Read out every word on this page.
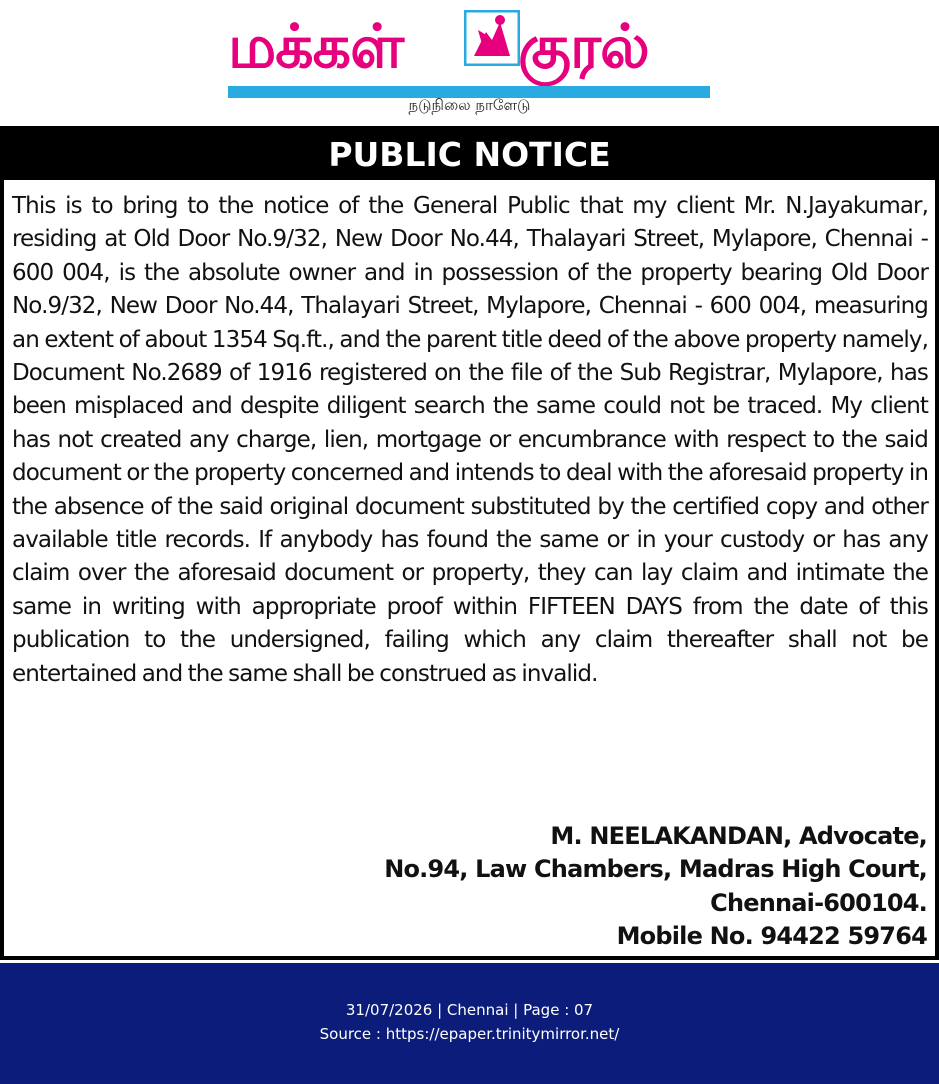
மக்கள் குரல்
நடுநிலை நாளேடு
PUBLIC NOTICE

This is to bring to the notice of the General Public that my client Mr. N.Jayakumar, residing at Old Door No.9/32, New Door No.44, Thalayari Street, Mylapore, Chennai - 600 004, is the absolute owner and in possession of the property bearing Old Door No.9/32, New Door No.44, Thalayari Street, Mylapore, Chennai - 600 004, measuring an extent of about 1354 Sq.ft., and the parent title deed of the above property namely, Document No.2689 of 1916 registered on the file of the Sub Registrar, Mylapore, has been misplaced and despite diligent search the same could not be traced. My client has not created any charge, lien, mortgage or encumbrance with respect to the said document or the property concerned and intends to deal with the aforesaid property in the absence of the said original document substituted by the certified copy and other available title records. If anybody has found the same or in your custody or has any claim over the aforesaid document or property, they can lay claim and intimate the same in writing with appropriate proof within FIFTEEN DAYS from the date of this publication to the undersigned, failing which any claim thereafter shall not be entertained and the same shall be construed as invalid.

M. NEELAKANDAN, Advocate,
No.94, Law Chambers, Madras High Court,
Chennai-600104.
Mobile No. 94422 59764
31/07/2026 | Chennai | Page : 07
Source : https://epaper.trinitymirror.net/
